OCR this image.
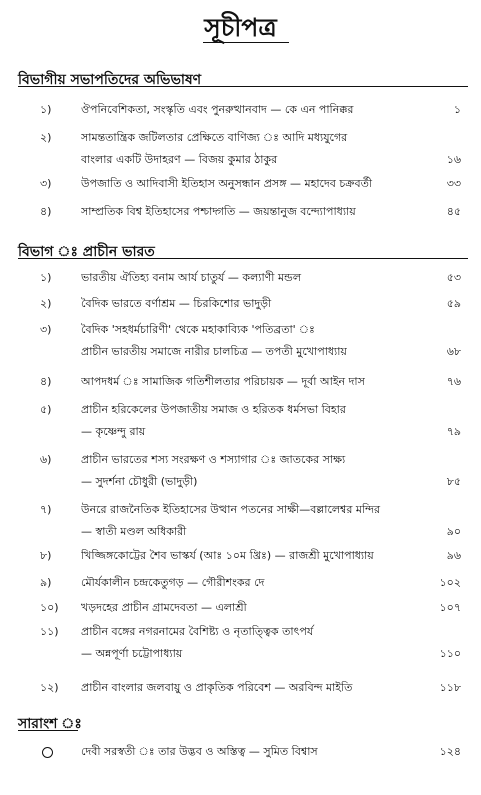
সূচীপত্র
বিভাগীয় সভাপতিদের অভিভাষণ
১)	ঔপনিবেশিকতা, সংস্কৃতি এবং পুনরুত্থানবাদ — কে এন পানিক্কর	১
২)	সামন্ততান্ত্রিক জটিলতার প্রেক্ষিতে বাণিজ্য ঃ আদি মধ্যযুগের
বাংলার একটি উদাহরণ — বিজয় কুমার ঠাকুর	১৬
৩)	উপজাতি ও আদিবাসী ইতিহাস অনুসন্ধান প্রসঙ্গ — মহাদেব চক্রবর্তী	৩৩
৪)	সাম্প্রতিক বিশ্ব ইতিহাসের পশ্চাদ্গতি — জয়ন্তানুজ বন্দ্যোপাধ্যায়	৪৫
বিভাগ ঃ প্রাচীন ভারত
১)	ভারতীয় ঐতিহ্য বনাম আর্য চাতুর্য — কল্যাণী মন্ডল	৫৩
২)	বৈদিক ভারতে বর্ণাশ্রম — চিরকিশোর ভাদুড়ী	৫৯
৩)	বৈদিক 'সহধর্মচারিণী' থেকে মহাকাব্যিক 'পতিব্রতা' ঃ
প্রাচীন ভারতীয় সমাজে নারীর চালচিত্র — তপতী মুখোপাধ্যায়	৬৮
৪)	আপদধর্ম ঃ সামাজিক গতিশীলতার পরিচায়ক — দূর্বা আইন দাস	৭৬
৫)	প্রাচীন হরিকেলের উপজাতীয় সমাজ ও হরিতক ধর্মসভা বিহার
— কৃষ্ণেন্দু রায়	৭৯
৬)	প্রাচীন ভারতের শস্য সংরক্ষণ ও শস্যাগার ঃ জাতকের সাক্ষ্য
— সুদর্শনা চৌধুরী (ভাদুড়ী)	৮৫
৭)	উনরে রাজনৈতিক ইতিহাসের উত্থান পতনের সাক্ষী—বল্লালেশ্বর মন্দির
— স্বাতী মণ্ডল অধিকারী	৯০
৮)	খিজ্জিঙ্গকোট্টের শৈব ভাস্কর্য (আঃ ১০ম খ্রিঃ) — রাজশ্রী মুখোপাধ্যায়	৯৬
৯)	মৌর্যকালীন চন্দ্রকেতুগড় — গৌরীশংকর দে	১০২
১০) খড়দহের প্রাচীন গ্রামদেবতা — এলাশ্রী	১০৭
১১) প্রাচীন বঙ্গের নগরনামের বৈশিষ্ট্য ও নৃতাত্ত্বিক তাৎপর্য
— অন্নপূর্ণা চট্টোপাধ্যায়	১১০
১২) প্রাচীন বাংলার জলবায়ু ও প্রাকৃতিক পরিবেশ — অরবিন্দ মাইতি	১১৮
সারাংশ ঃ
দেবী সরস্বতী ঃ তার উদ্ভব ও অস্তিত্ব — সুমিত বিশ্বাস	১২৪
